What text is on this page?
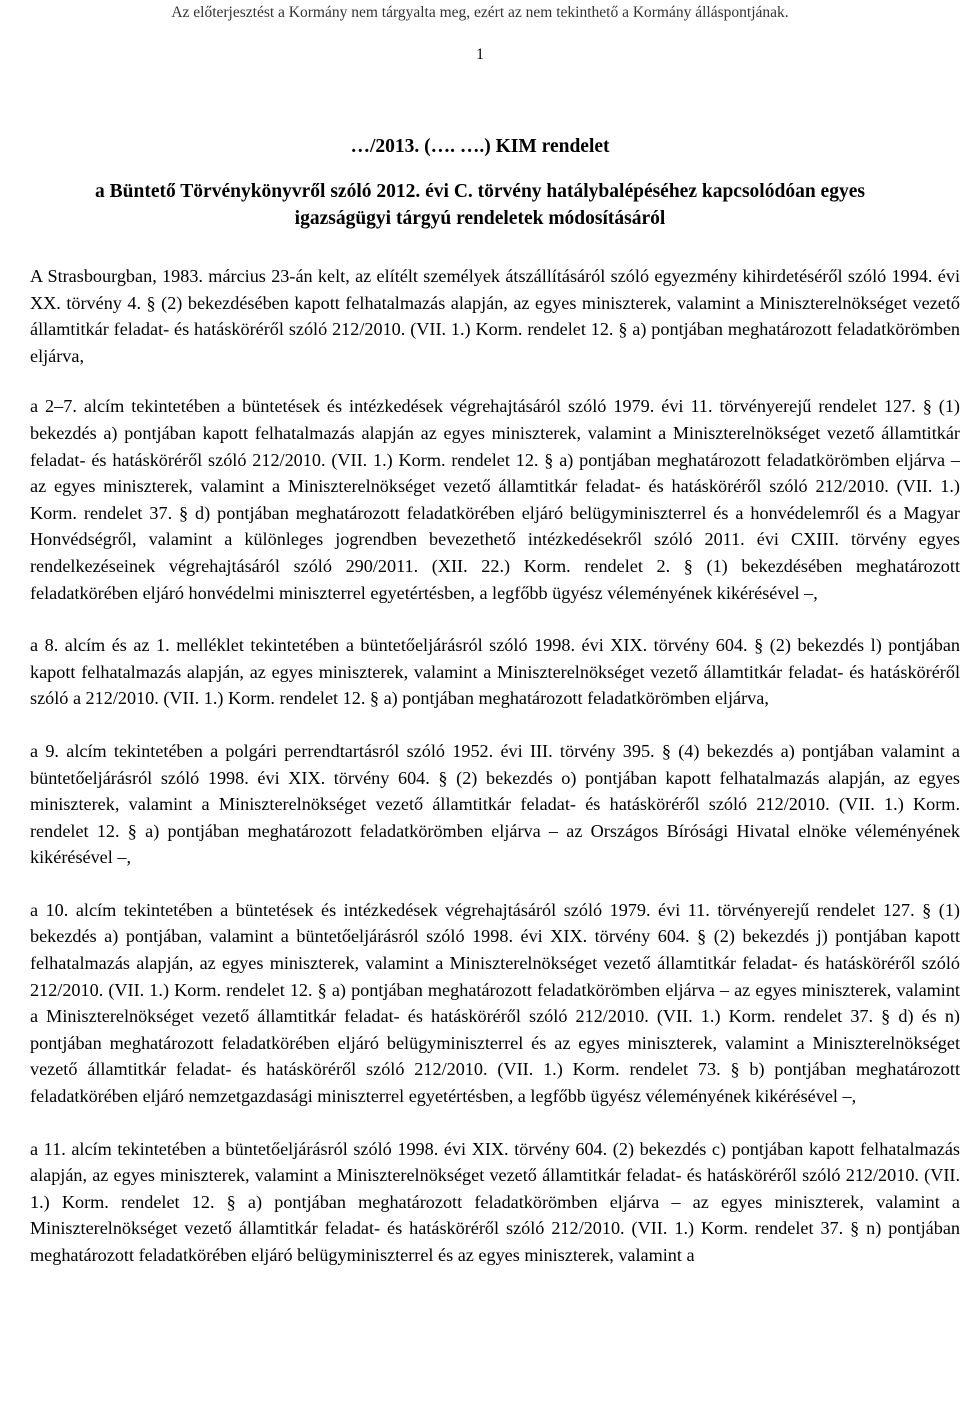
Az előterjesztést a Kormány nem tárgyalta meg, ezért az nem tekinthető a Kormány álláspontjának.
1
…/2013. (…. ….) KIM rendelet
a Büntető Törvénykönyvről szóló 2012. évi C. törvény hatálybalépéséhez kapcsolódóan egyes
igazságügyi tárgyú rendeletek módosításáról

A Strasbourgban, 1983. március 23-án kelt, az elítélt személyek átszállításáról szóló egyezmény kihirdetéséről szóló 1994. évi XX. törvény 4. § (2) bekezdésében kapott felhatalmazás alapján, az egyes miniszterek, valamint a Miniszterelnökséget vezető államtitkár feladat- és hatásköréről szóló 212/2010. (VII. 1.) Korm. rendelet 12. § a) pontjában meghatározott feladatkörömben eljárva,

a 2–7. alcím tekintetében a büntetések és intézkedések végrehajtásáról szóló 1979. évi 11. törvényerejű rendelet 127. § (1) bekezdés a) pontjában kapott felhatalmazás alapján az egyes miniszterek, valamint a Miniszterelnökséget vezető államtitkár feladat- és hatásköréről szóló 212/2010. (VII. 1.) Korm. rendelet 12. § a) pontjában meghatározott feladatkörömben eljárva – az egyes miniszterek, valamint a Miniszterelnökséget vezető államtitkár feladat- és hatásköréről szóló 212/2010. (VII. 1.) Korm. rendelet 37. § d) pontjában meghatározott feladatkörében eljáró belügyminiszterrel és a honvédelemről és a Magyar Honvédségről, valamint a különleges jogrendben bevezethető intézkedésekről szóló 2011. évi CXIII. törvény egyes rendelkezéseinek végrehajtásáról szóló 290/2011. (XII. 22.) Korm. rendelet 2. § (1) bekezdésében meghatározott feladatkörében eljáró honvédelmi miniszterrel egyetértésben, a legfőbb ügyész véleményének kikérésével –,

a 8. alcím és az 1. melléklet tekintetében a büntetőeljárásról szóló 1998. évi XIX. törvény 604. § (2) bekezdés l) pontjában kapott felhatalmazás alapján, az egyes miniszterek, valamint a Miniszterelnökséget vezető államtitkár feladat- és hatásköréről szóló a 212/2010. (VII. 1.) Korm. rendelet 12. § a) pontjában meghatározott feladatkörömben eljárva,

a 9. alcím tekintetében a polgári perrendtartásról szóló 1952. évi III. törvény 395. § (4) bekezdés a) pontjában valamint a büntetőeljárásról szóló 1998. évi XIX. törvény 604. § (2) bekezdés o) pontjában kapott felhatalmazás alapján, az egyes miniszterek, valamint a Miniszterelnökséget vezető államtitkár feladat- és hatásköréről szóló 212/2010. (VII. 1.) Korm. rendelet 12. § a) pontjában meghatározott feladatkörömben eljárva – az Országos Bírósági Hivatal elnöke véleményének kikérésével –,

a 10. alcím tekintetében a büntetések és intézkedések végrehajtásáról szóló 1979. évi 11. törvényerejű rendelet 127. § (1) bekezdés a) pontjában, valamint a büntetőeljárásról szóló 1998. évi XIX. törvény 604. § (2) bekezdés j) pontjában kapott felhatalmazás alapján, az egyes miniszterek, valamint a Miniszterelnökséget vezető államtitkár feladat- és hatásköréről szóló 212/2010. (VII. 1.) Korm. rendelet 12. § a) pontjában meghatározott feladatkörömben eljárva – az egyes miniszterek, valamint a Miniszterelnökséget vezető államtitkár feladat- és hatásköréről szóló 212/2010. (VII. 1.) Korm. rendelet 37. § d) és n) pontjában meghatározott feladatkörében eljáró belügyminiszterrel és az egyes miniszterek, valamint a Miniszterelnökséget vezető államtitkár feladat- és hatásköréről szóló 212/2010. (VII. 1.) Korm. rendelet 73. § b) pontjában meghatározott feladatkörében eljáró nemzetgazdasági miniszterrel egyetértésben, a legfőbb ügyész véleményének kikérésével –,

a 11. alcím tekintetében a büntetőeljárásról szóló 1998. évi XIX. törvény 604. (2) bekezdés c) pontjában kapott felhatalmazás alapján, az egyes miniszterek, valamint a Miniszterelnökséget vezető államtitkár feladat- és hatásköréről szóló 212/2010. (VII. 1.) Korm. rendelet 12. § a) pontjában meghatározott feladatkörömben eljárva – az egyes miniszterek, valamint a Miniszterelnökséget vezető államtitkár feladat- és hatásköréről szóló 212/2010. (VII. 1.) Korm. rendelet 37. § n) pontjában meghatározott feladatkörében eljáró belügyminiszterrel és az egyes miniszterek, valamint a
